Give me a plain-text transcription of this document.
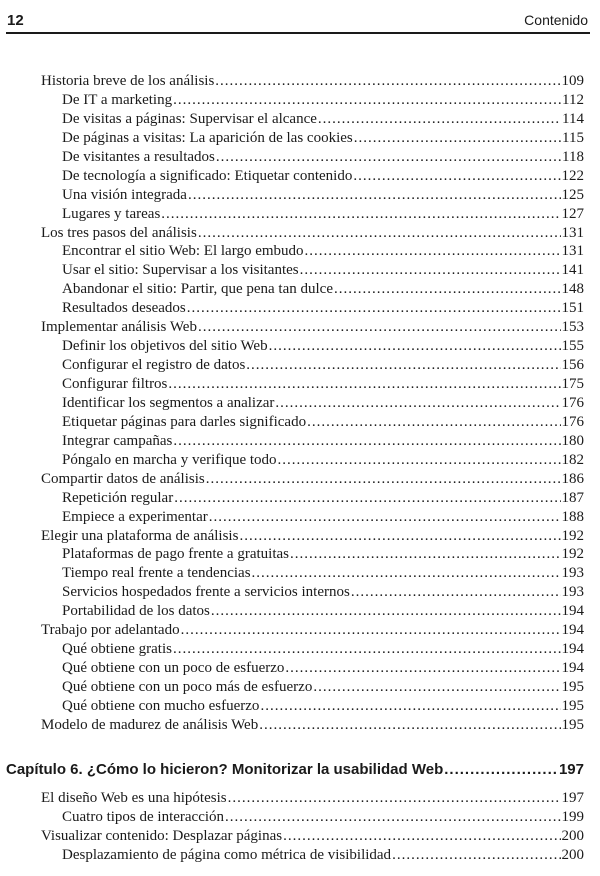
12	Contenido
Historia breve de los análisis .....	109
De IT a marketing .....	112
De visitas a páginas: Supervisar el alcance .....	114
De páginas a visitas: La aparición de las cookies .....	115
De visitantes a resultados .....	118
De tecnología a significado: Etiquetar contenido .....	122
Una visión integrada .....	125
Lugares y tareas .....	127
Los tres pasos del análisis .....	131
Encontrar el sitio Web: El largo embudo .....	131
Usar el sitio: Supervisar a los visitantes .....	141
Abandonar el sitio: Partir, que pena tan dulce .....	148
Resultados deseados .....	151
Implementar análisis Web .....	153
Definir los objetivos del sitio Web .....	155
Configurar el registro de datos .....	156
Configurar filtros .....	175
Identificar los segmentos a analizar .....	176
Etiquetar páginas para darles significado .....	176
Integrar campañas .....	180
Póngalo en marcha y verifique todo .....	182
Compartir datos de análisis .....	186
Repetición regular .....	187
Empiece a experimentar .....	188
Elegir una plataforma de análisis .....	192
Plataformas de pago frente a gratuitas .....	192
Tiempo real frente a tendencias .....	193
Servicios hospedados frente a servicios internos .....	193
Portabilidad de los datos .....	194
Trabajo por adelantado .....	194
Qué obtiene gratis .....	194
Qué obtiene con un poco de esfuerzo .....	194
Qué obtiene con un poco más de esfuerzo .....	195
Qué obtiene con mucho esfuerzo .....	195
Modelo de madurez de análisis Web .....	195
Capítulo 6. ¿Cómo lo hicieron? Monitorizar la usabilidad Web .....	197
El diseño Web es una hipótesis .....	197
Cuatro tipos de interacción .....	199
Visualizar contenido: Desplazar páginas .....	200
Desplazamiento de página como métrica de visibilidad .....	200
